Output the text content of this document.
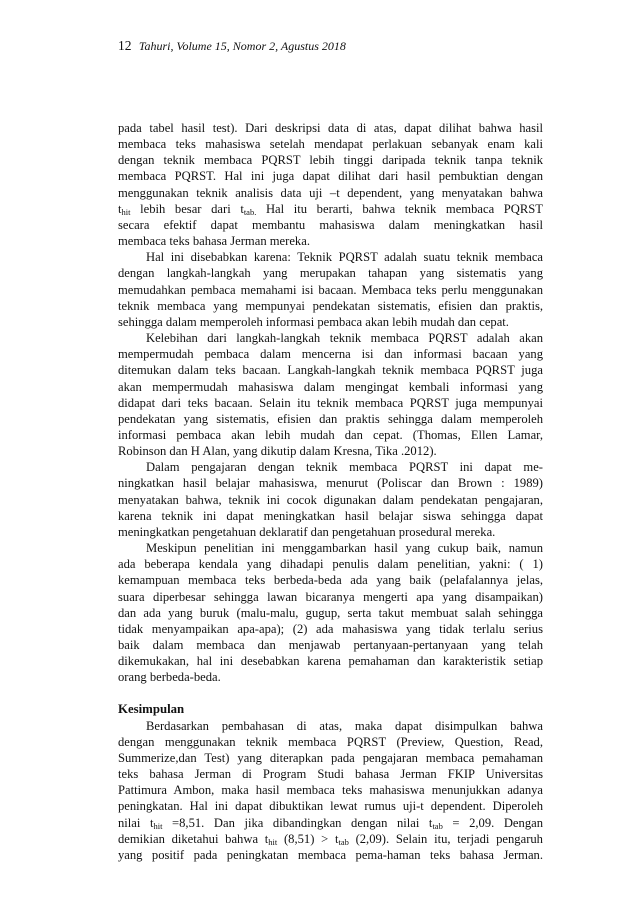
12 Tahuri, Volume 15, Nomor 2, Agustus 2018
pada tabel hasil test). Dari deskripsi data di atas, dapat dilihat bahwa hasil
membaca teks mahasiswa setelah mendapat perlakuan sebanyak enam kali
dengan teknik membaca PQRST lebih tinggi daripada teknik tanpa teknik
membaca PQRST. Hal ini juga dapat dilihat dari hasil pembuktian dengan
menggunakan teknik analisis data uji –t dependent, yang menyatakan bahwa
$t_{hit}$ lebih besar dari $t_{tab.}$ Hal itu berarti, bahwa teknik membaca PQRST
secara efektif dapat membantu mahasiswa dalam meningkatkan hasil
membaca teks bahasa Jerman mereka.
Hal ini disebabkan karena: Teknik PQRST adalah suatu teknik membaca
dengan langkah-langkah yang merupakan tahapan yang sistematis yang
memudahkan pembaca memahami isi bacaan. Membaca teks perlu menggunakan
teknik membaca yang mempunyai pendekatan sistematis, efisien dan praktis,
sehingga dalam memperoleh informasi pembaca akan lebih mudah dan cepat.
Kelebihan dari langkah-langkah teknik membaca PQRST adalah akan
mempermudah pembaca dalam mencerna isi dan informasi bacaan yang
ditemukan dalam teks bacaan. Langkah-langkah teknik membaca PQRST juga
akan mempermudah mahasiswa dalam mengingat kembali informasi yang
didapat dari teks bacaan. Selain itu teknik membaca PQRST juga mempunyai
pendekatan yang sistematis, efisien dan praktis sehingga dalam memperoleh
informasi pembaca akan lebih mudah dan cepat. (Thomas, Ellen Lamar,
Robinson dan H Alan, yang dikutip dalam Kresna, Tika .2012).
Dalam pengajaran dengan teknik membaca PQRST ini dapat me-
ningkatkan hasil belajar mahasiswa, menurut (Poliscar dan Brown : 1989)
menyatakan bahwa, teknik ini cocok digunakan dalam pendekatan pengajaran,
karena teknik ini dapat meningkatkan hasil belajar siswa sehingga dapat
meningkatkan pengetahuan deklaratif dan pengetahuan prosedural mereka.
Meskipun penelitian ini menggambarkan hasil yang cukup baik, namun
ada beberapa kendala yang dihadapi penulis dalam penelitian, yakni: ( 1)
kemampuan membaca teks berbeda-beda ada yang baik (pelafalannya jelas,
suara diperbesar sehingga lawan bicaranya mengerti apa yang disampaikan)
dan ada yang buruk (malu-malu, gugup, serta takut membuat salah sehingga
tidak menyampaikan apa-apa); (2) ada mahasiswa yang tidak terlalu serius
baik dalam membaca dan menjawab pertanyaan-pertanyaan yang telah
dikemukakan, hal ini desebabkan karena pemahaman dan karakteristik setiap
orang berbeda-beda.
Kesimpulan
Berdasarkan pembahasan di atas, maka dapat disimpulkan bahwa
dengan menggunakan teknik membaca PQRST (Preview, Question, Read,
Summerize,dan Test) yang diterapkan pada pengajaran membaca pemahaman
teks bahasa Jerman di Program Studi bahasa Jerman FKIP Universitas
Pattimura Ambon, maka hasil membaca teks mahasiswa menunjukkan adanya
peningkatan. Hal ini dapat dibuktikan lewat rumus uji-t dependent. Diperoleh
nilai $t_{hit} =8,51$. Dan jika dibandingkan dengan nilai $t_{tab} = 2,09$. Dengan
demikian diketahui bahwa $t_{hit}$ $(8,51) > t_{tab}$ (2,09). Selain itu, terjadi pengaruh
yang positif pada peningkatan membaca pema-haman teks bahasa Jerman.
